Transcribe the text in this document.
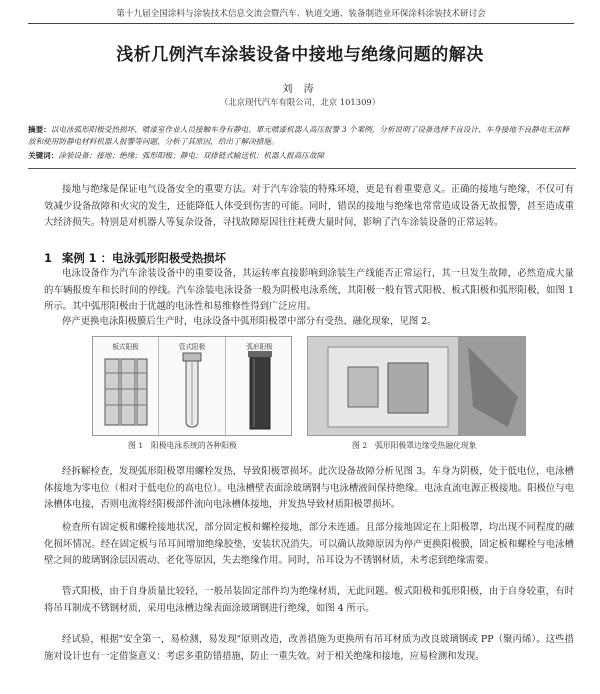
第十九届全国涂料与涂装技术信息交流会暨汽车、轨道交通、装备制造业环保涂料涂装技术研讨会
浅析几例汽车涂装设备中接地与绝缘问题的解决
刘 涛
（北京现代汽车有限公司，北京 101309）
摘要：以电泳弧形阳极受热损坏、喷漆室作业人员接触车身有静电、單元喷漆机器人高压报警 3 个案例，分析说明了设备选择不良设计、车身接地不良静电无法释放和使用防静电材料机器人报警等问题，分析了其原因，给出了解决措施。
关键词：涂装设备；接地；绝缘；弧形阳极；静电；双排链式输送机；机器人报高压故障

接地与绝缘是保证电气设备安全的重要方法。对于汽车涂装的特殊环境，更是有着重要意义。正确的接地与绝缘，不仅可有效减少设备故障和火灾的发生，还能降低人体受到伤害的可能。同时，错误的接地与绝缘也常常造成设备无故报警，甚至造成重大经济损失。特别是对机器人等复杂设备，寻找故障原因往往耗费大量时间，影响了汽车涂装设备的正常运转。

1 案例 1 ：电泳弧形阳极受热损坏

电泳设备作为汽车涂装设备中的重要设备，其运转率直接影响到涂装生产线能否正常运行，其一旦发生故障，必然造成大量的车辆报废车和长时间的停线。汽车涂装电泳设备一般为阴极电泳系统，其阳极一般有管式阳极、板式阳极和弧形阳极，如图 1 所示。其中弧形阳极由于优越的电泳性和易维修性得到广泛应用。

停产更换电泳阳极膜后生产时，电泳设备中弧形阳极罩中部分有受热、融化现象，见图 2。

板式阳极	管式阳极	弧形阳极
图 1　阳极电泳系统的各种阳极	图 2　弧形阳极罩边缘受热融化现象

经拆解检查，发现弧形阳极罩用螺栓发热，导致阳极罩损坏。此次设备故障分析见图 3。车身为阴极，处于低电位，电泳槽体接地为零电位（相对于低电位的高电位）。电泳槽壁表面涂玻璃钢与电泳槽液间保持绝缘。电泳直流电源正极接地。阳极位与电泳槽体电接，否则电流将经阳极部件流向电泳槽体接地，并发热导致材质阳极罩损坏。

检查所有固定板和螺栓接地状况，部分固定板和螺栓接地，部分未连通。且部分接地固定在上阳极罩，均出现不同程度的融化损坏情况。经在固定板与吊耳间增加绝缘胶垫，安装状况消失。可以确认故障原因为停产更换阳极膜，固定板和螺栓与电泳槽壁之间的玻璃钢涂层因震动、老化等原因，失去绝缘作用。同时，吊耳设为不锈钢材质，未考虑到绝缘需要。

管式阳极，由于自身质量比较轻，一般吊装固定部件均为绝缘材质，无此问题。板式阳极和弧形阳极，由于自身较重，有时将吊耳制成不锈钢材质，采用电泳槽边缘表面涂玻璃钢进行绝缘，如图 4 所示。

经试验，根据"安全第一，易检测，易发现"原则改造，改善措施为更换所有吊耳材质为改良玻璃钢或 PP（聚丙烯）。这些措施对设计也有一定借鉴意义：考虑多重防错措施，防止一重失效。对于相关绝缘和接地，应易检测和发现。
